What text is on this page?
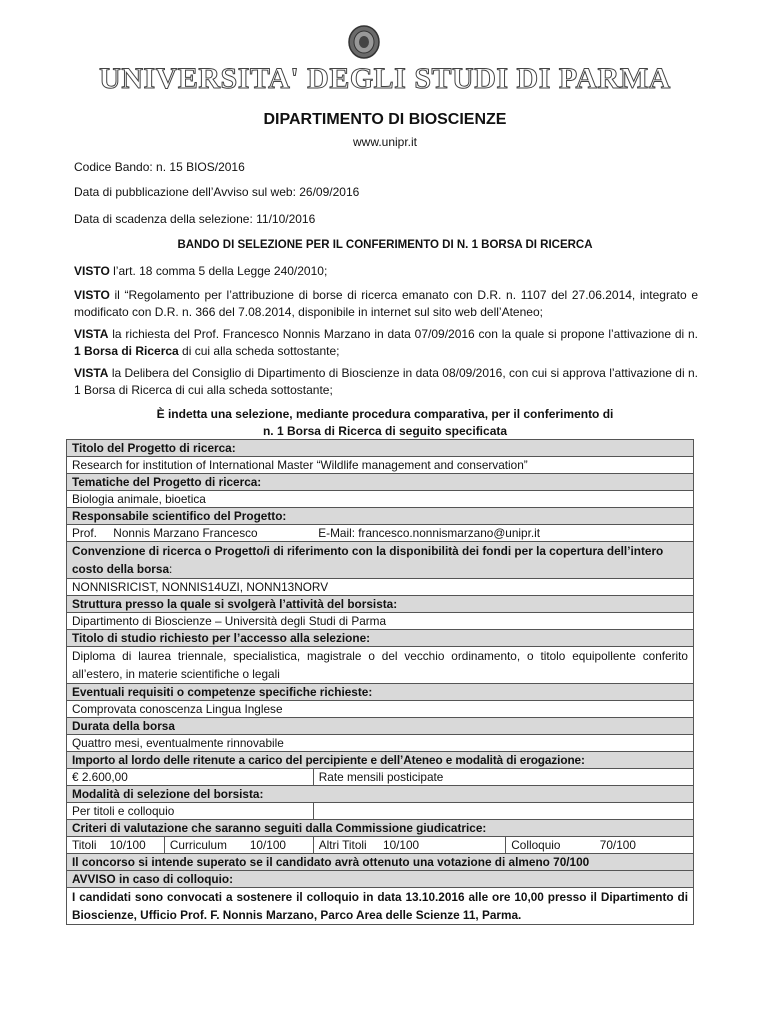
UNIVERSITA' DEGLI STUDI DI PARMA
DIPARTIMENTO DI BIOSCIENZE
www.unipr.it
Codice Bando: n. 15 BIOS/2016
Data di pubblicazione dell’Avviso sul web: 26/09/2016
Data di scadenza della selezione: 11/10/2016
BANDO DI SELEZIONE PER IL CONFERIMENTO DI N. 1 BORSA DI RICERCA
VISTO l’art. 18 comma 5 della Legge 240/2010;
VISTO il “Regolamento per l’attribuzione di borse di ricerca emanato con D.R. n. 1107 del 27.06.2014, integrato e modificato con D.R. n. 366 del 7.08.2014, disponibile in internet sul sito web dell’Ateneo;
VISTA la richiesta del Prof. Francesco Nonnis Marzano in data 07/09/2016 con la quale si propone l’attivazione di n. 1 Borsa di Ricerca di cui alla scheda sottostante;
VISTA la Delibera del Consiglio di Dipartimento di Bioscienze in data 08/09/2016, con cui si approva l’attivazione di n. 1 Borsa di Ricerca di cui alla scheda sottostante;
È indetta una selezione, mediante procedura comparativa, per il conferimento di
n. 1 Borsa di Ricerca di seguito specificata
Titolo del Progetto di ricerca:			
Research for institution of International Master “Wildlife management and conservation”			
Tematiche del Progetto di ricerca:			
Biologia animale, bioetica			
Responsabile scientifico del Progetto:			
Prof.     Nonnis Marzano Francesco		E-Mail: francesco.nonnismarzano@unipr.it	
Convenzione di ricerca o Progetto/i di riferimento con la disponibilità dei fondi per la copertura dell’intero costo della borsa:			
NONNISRICIST, NONNIS14UZI, NONN13NORV			
Struttura presso la quale si svolgerà l’attività del borsista:			
Dipartimento di Bioscienze – Università degli Studi di Parma			
Titolo di studio richiesto per l’accesso alla selezione:			
Diploma di laurea triennale, specialistica, magistrale o del vecchio ordinamento, o titolo equipollente conferito all’estero, in materie scientifiche o legali			
Eventuali requisiti o competenze specifiche richieste:			
Comprovata conoscenza Lingua Inglese			
Durata della borsa			
Quattro mesi, eventualmente rinnovabile			
Importo al lordo delle ritenute a carico del percipiente e dell’Ateneo e modalità di erogazione:			
€ 2.600,00		Rate mensili posticipate	
Modalità di selezione del borsista:			
Per titoli e colloquio			
Criteri di valutazione che saranno seguiti dalla Commissione giudicatrice:			
Titoli    10/100	Curriculum       10/100	Altri Titoli     10/100	Colloquio            70/100
Il concorso si intende superato se il candidato avrà ottenuto una votazione di almeno 70/100			
AVVISO in caso di colloquio:			
I candidati sono convocati a sostenere il colloquio in data 13.10.2016 alle ore 10,00 presso il Dipartimento di Bioscienze, Ufficio Prof. F. Nonnis Marzano, Parco Area delle Scienze 11, Parma.			
